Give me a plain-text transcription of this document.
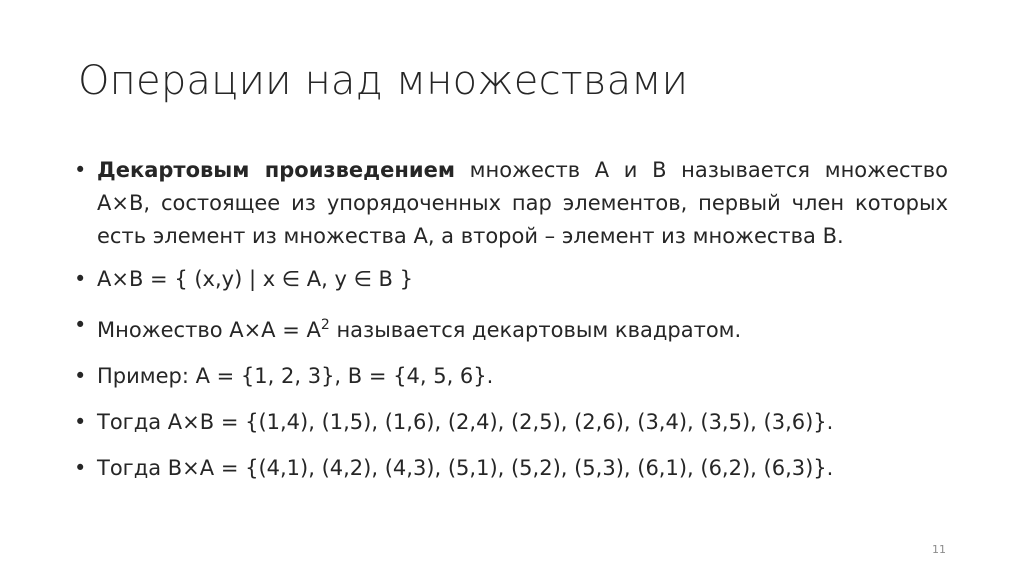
Операции над множествами
• Декартовым произведением множеств A и B называется множество A×B, состоящее из упорядоченных пар элементов, первый член которых есть элемент из множества A, а второй – элемент из множества B.
• A×B = { (x,y) | x ∈ A, y ∈ B }
• Множество $A\times A = A^2$ называется декартовым квадратом.
• Пример: A = {1, 2, 3}, B = {4, 5, 6}.
• Тогда A×B = {(1,4), (1,5), (1,6), (2,4), (2,5), (2,6), (3,4), (3,5), (3,6)}.
• Тогда B×A = {(4,1), (4,2), (4,3), (5,1), (5,2), (5,3), (6,1), (6,2), (6,3)}.
11
